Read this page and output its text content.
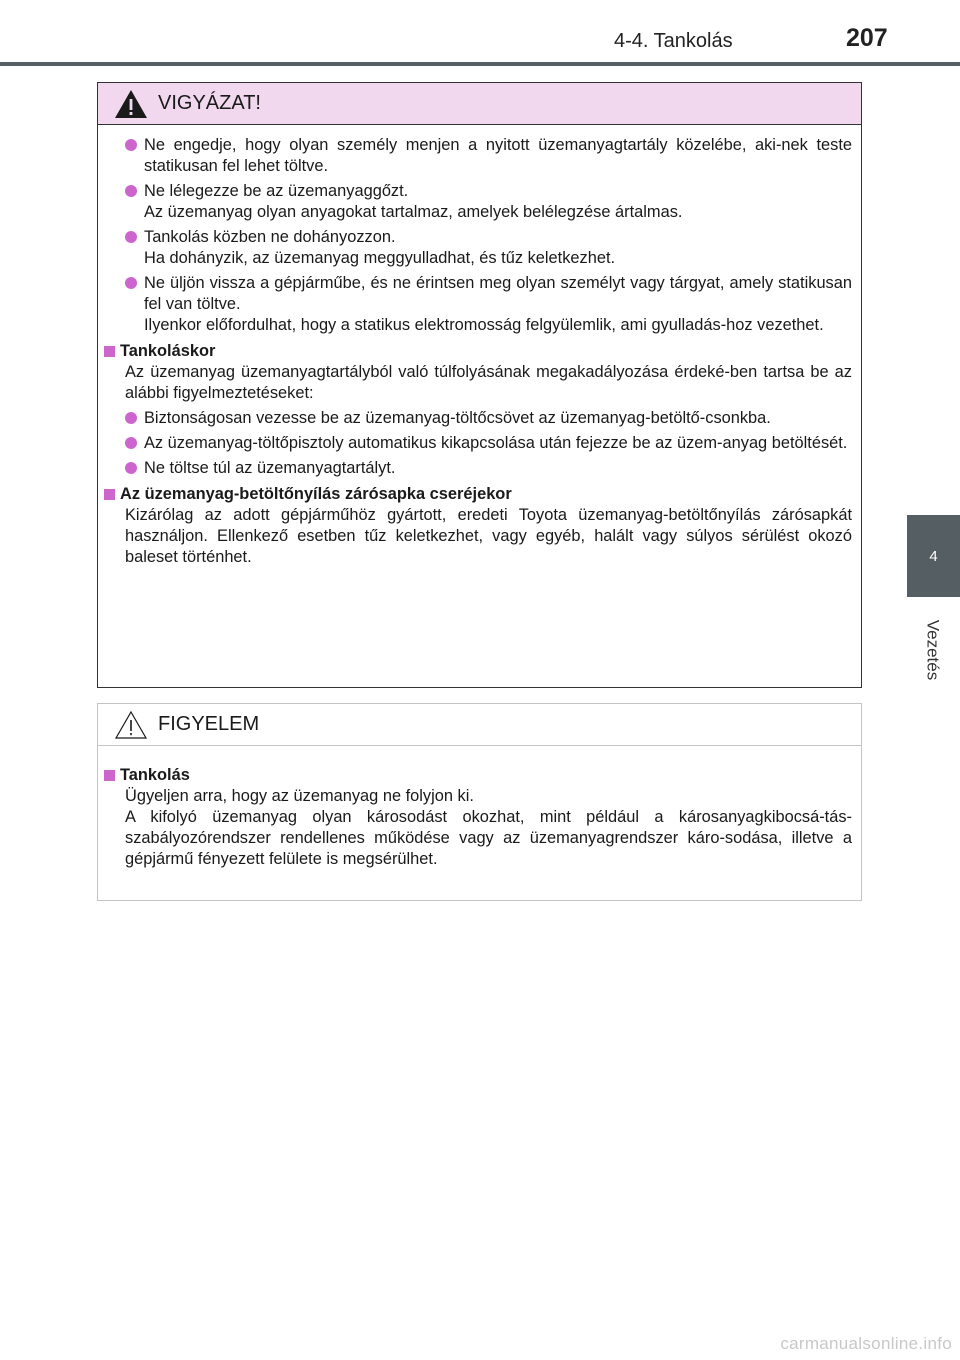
4-4. Tankolás	207
4
Vezetés
VIGYÁZAT!

Ne engedje, hogy olyan személy menjen a nyitott üzemanyagtartály közelébe, aki-nek teste statikusan fel lehet töltve.

Ne lélegezze be az üzemanyaggőzt.

Az üzemanyag olyan anyagokat tartalmaz, amelyek belélegzése ártalmas.

Tankolás közben ne dohányozzon.

Ha dohányzik, az üzemanyag meggyulladhat, és tűz keletkezhet.

Ne üljön vissza a gépjárműbe, és ne érintsen meg olyan személyt vagy tárgyat, amely statikusan fel van töltve.

Ilyenkor előfordulhat, hogy a statikus elektromosság felgyülemlik, ami gyulladás-hoz vezethet.

Tankoláskor

Az üzemanyag üzemanyagtartályból való túlfolyásának megakadályozása érdeké-ben tartsa be az alábbi figyelmeztetéseket:

Biztonságosan vezesse be az üzemanyag-töltőcsövet az üzemanyag-betöltő-csonkba.

Az üzemanyag-töltőpisztoly automatikus kikapcsolása után fejezze be az üzem-anyag betöltését.

Ne töltse túl az üzemanyagtartályt.

Az üzemanyag-betöltőnyílás zárósapka cseréjekor

Kizárólag az adott gépjárműhöz gyártott, eredeti Toyota üzemanyag-betöltőnyílás zárósapkát használjon. Ellenkező esetben tűz keletkezhet, vagy egyéb, halált vagy súlyos sérülést okozó baleset történhet.

FIGYELEM
Tankolás

Ügyeljen arra, hogy az üzemanyag ne folyjon ki.

A kifolyó üzemanyag olyan károsodást okozhat, mint például a károsanyagkibocsá-tás-szabályozórendszer rendellenes működése vagy az üzemanyagrendszer káro-sodása, illetve a gépjármű fényezett felülete is megsérülhet.

carmanualsonline.info
